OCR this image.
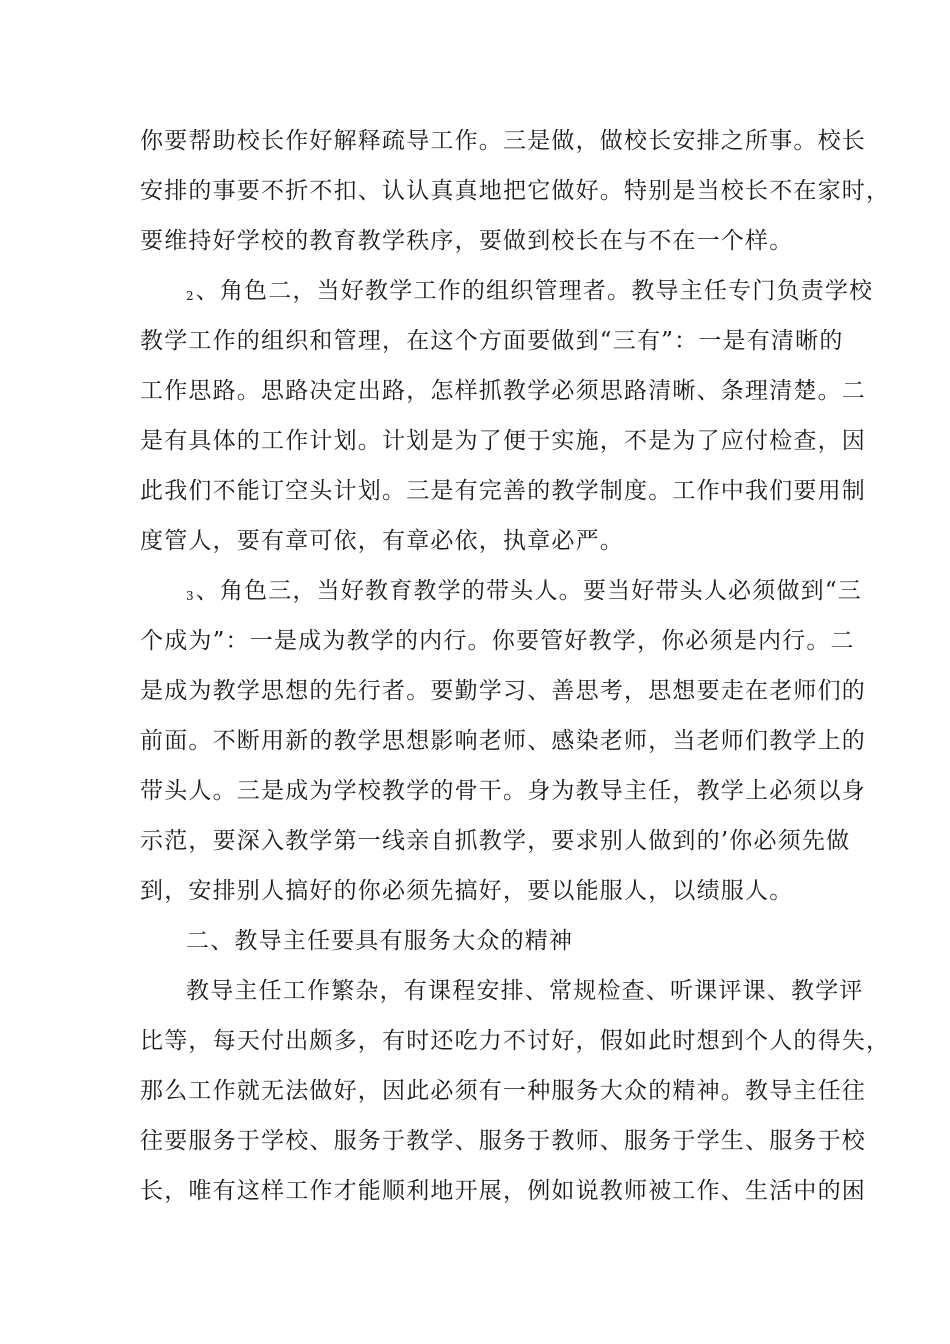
你要帮助校长作好解释疏导工作。三是做，做校长安排之所事。校长

安排的事要不折不扣、认认真真地把它做好。特别是当校长不在家时，

要维持好学校的教育教学秩序，要做到校长在与不在一个样。

2、角色二，当好教学工作的组织管理者。教导主任专门负责学校

教学工作的组织和管理，在这个方面要做到“三有”：一是有清晰的

工作思路。思路决定出路，怎样抓教学必须思路清晰、条理清楚。二

是有具体的工作计划。计划是为了便于实施，不是为了应付检查，因

此我们不能订空头计划。三是有完善的教学制度。工作中我们要用制

度管人，要有章可依，有章必依，执章必严。

3、角色三，当好教育教学的带头人。要当好带头人必须做到“三

个成为”：一是成为教学的内行。你要管好教学，你必须是内行。二

是成为教学思想的先行者。要勤学习、善思考，思想要走在老师们的

前面。不断用新的教学思想影响老师、感染老师，当老师们教学上的

带头人。三是成为学校教学的骨干。身为教导主任，教学上必须以身

示范，要深入教学第一线亲自抓教学，要求别人做到的’你必须先做

到，安排别人搞好的你必须先搞好，要以能服人，以绩服人。

二、教导主任要具有服务大众的精神

教导主任工作繁杂，有课程安排、常规检查、听课评课、教学评

比等，每天付出颇多，有时还吃力不讨好，假如此时想到个人的得失，

那么工作就无法做好，因此必须有一种服务大众的精神。教导主任往

往要服务于学校、服务于教学、服务于教师、服务于学生、服务于校

长，唯有这样工作才能顺利地开展，例如说教师被工作、生活中的困
